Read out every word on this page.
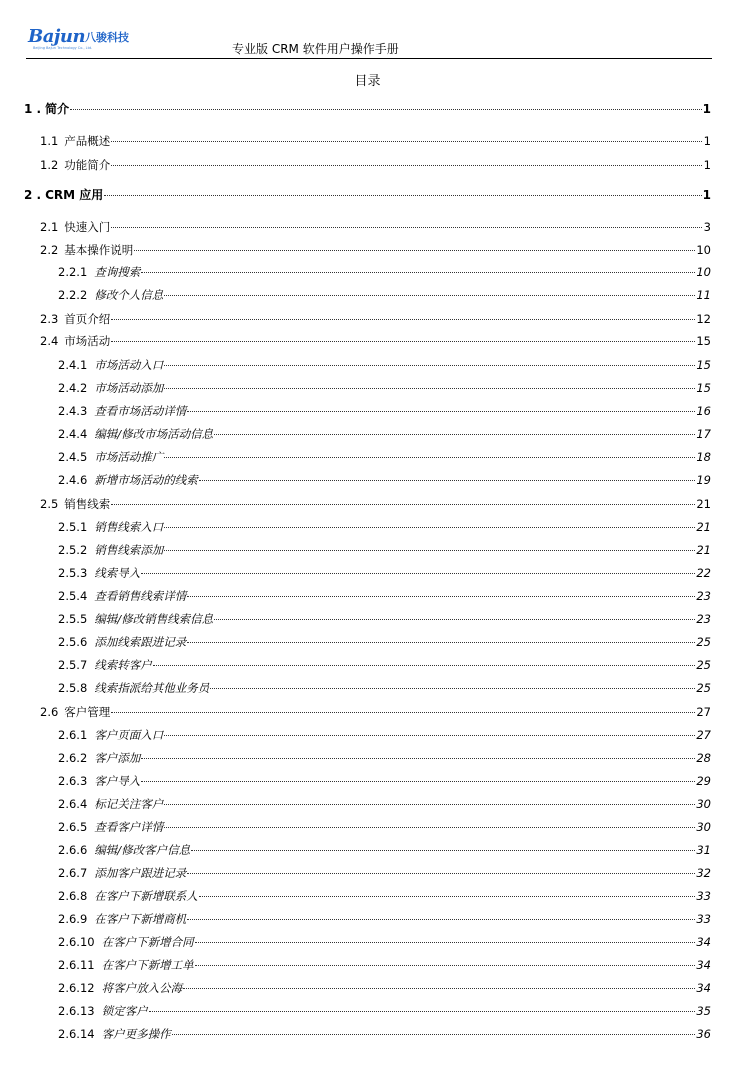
Bajun 八骏科技
Beijing Bajun Technology Co., Ltd.	专业版 CRM 软件用户操作手册
目录
1 . 简介	1
1.1 产品概述	1
1.2 功能简介	1
2 . CRM 应用	1
2.1 快速入门	3
2.2 基本操作说明	10
2.2.1 查询搜索	10
2.2.2 修改个人信息	11
2.3 首页介绍	12
2.4 市场活动	15
2.4.1 市场活动入口	15
2.4.2 市场活动添加	15
2.4.3 查看市场活动详情	16
2.4.4 编辑/修改市场活动信息	17
2.4.5 市场活动推广	18
2.4.6 新增市场活动的线索	19
2.5 销售线索	21
2.5.1 销售线索入口	21
2.5.2 销售线索添加	21
2.5.3 线索导入	22
2.5.4 查看销售线索详情	23
2.5.5 编辑/修改销售线索信息	23
2.5.6 添加线索跟进记录	25
2.5.7 线索转客户	25
2.5.8 线索指派给其他业务员	25
2.6 客户管理	27
2.6.1 客户页面入口	27
2.6.2 客户添加	28
2.6.3 客户导入	29
2.6.4 标记关注客户	30
2.6.5 查看客户详情	30
2.6.6 编辑/修改客户信息	31
2.6.7 添加客户跟进记录	32
2.6.8 在客户下新增联系人	33
2.6.9 在客户下新增商机	33
2.6.10 在客户下新增合同	34
2.6.11 在客户下新增工单	34
2.6.12 将客户放入公海	34
2.6.13 锁定客户	35
2.6.14 客户更多操作	36
